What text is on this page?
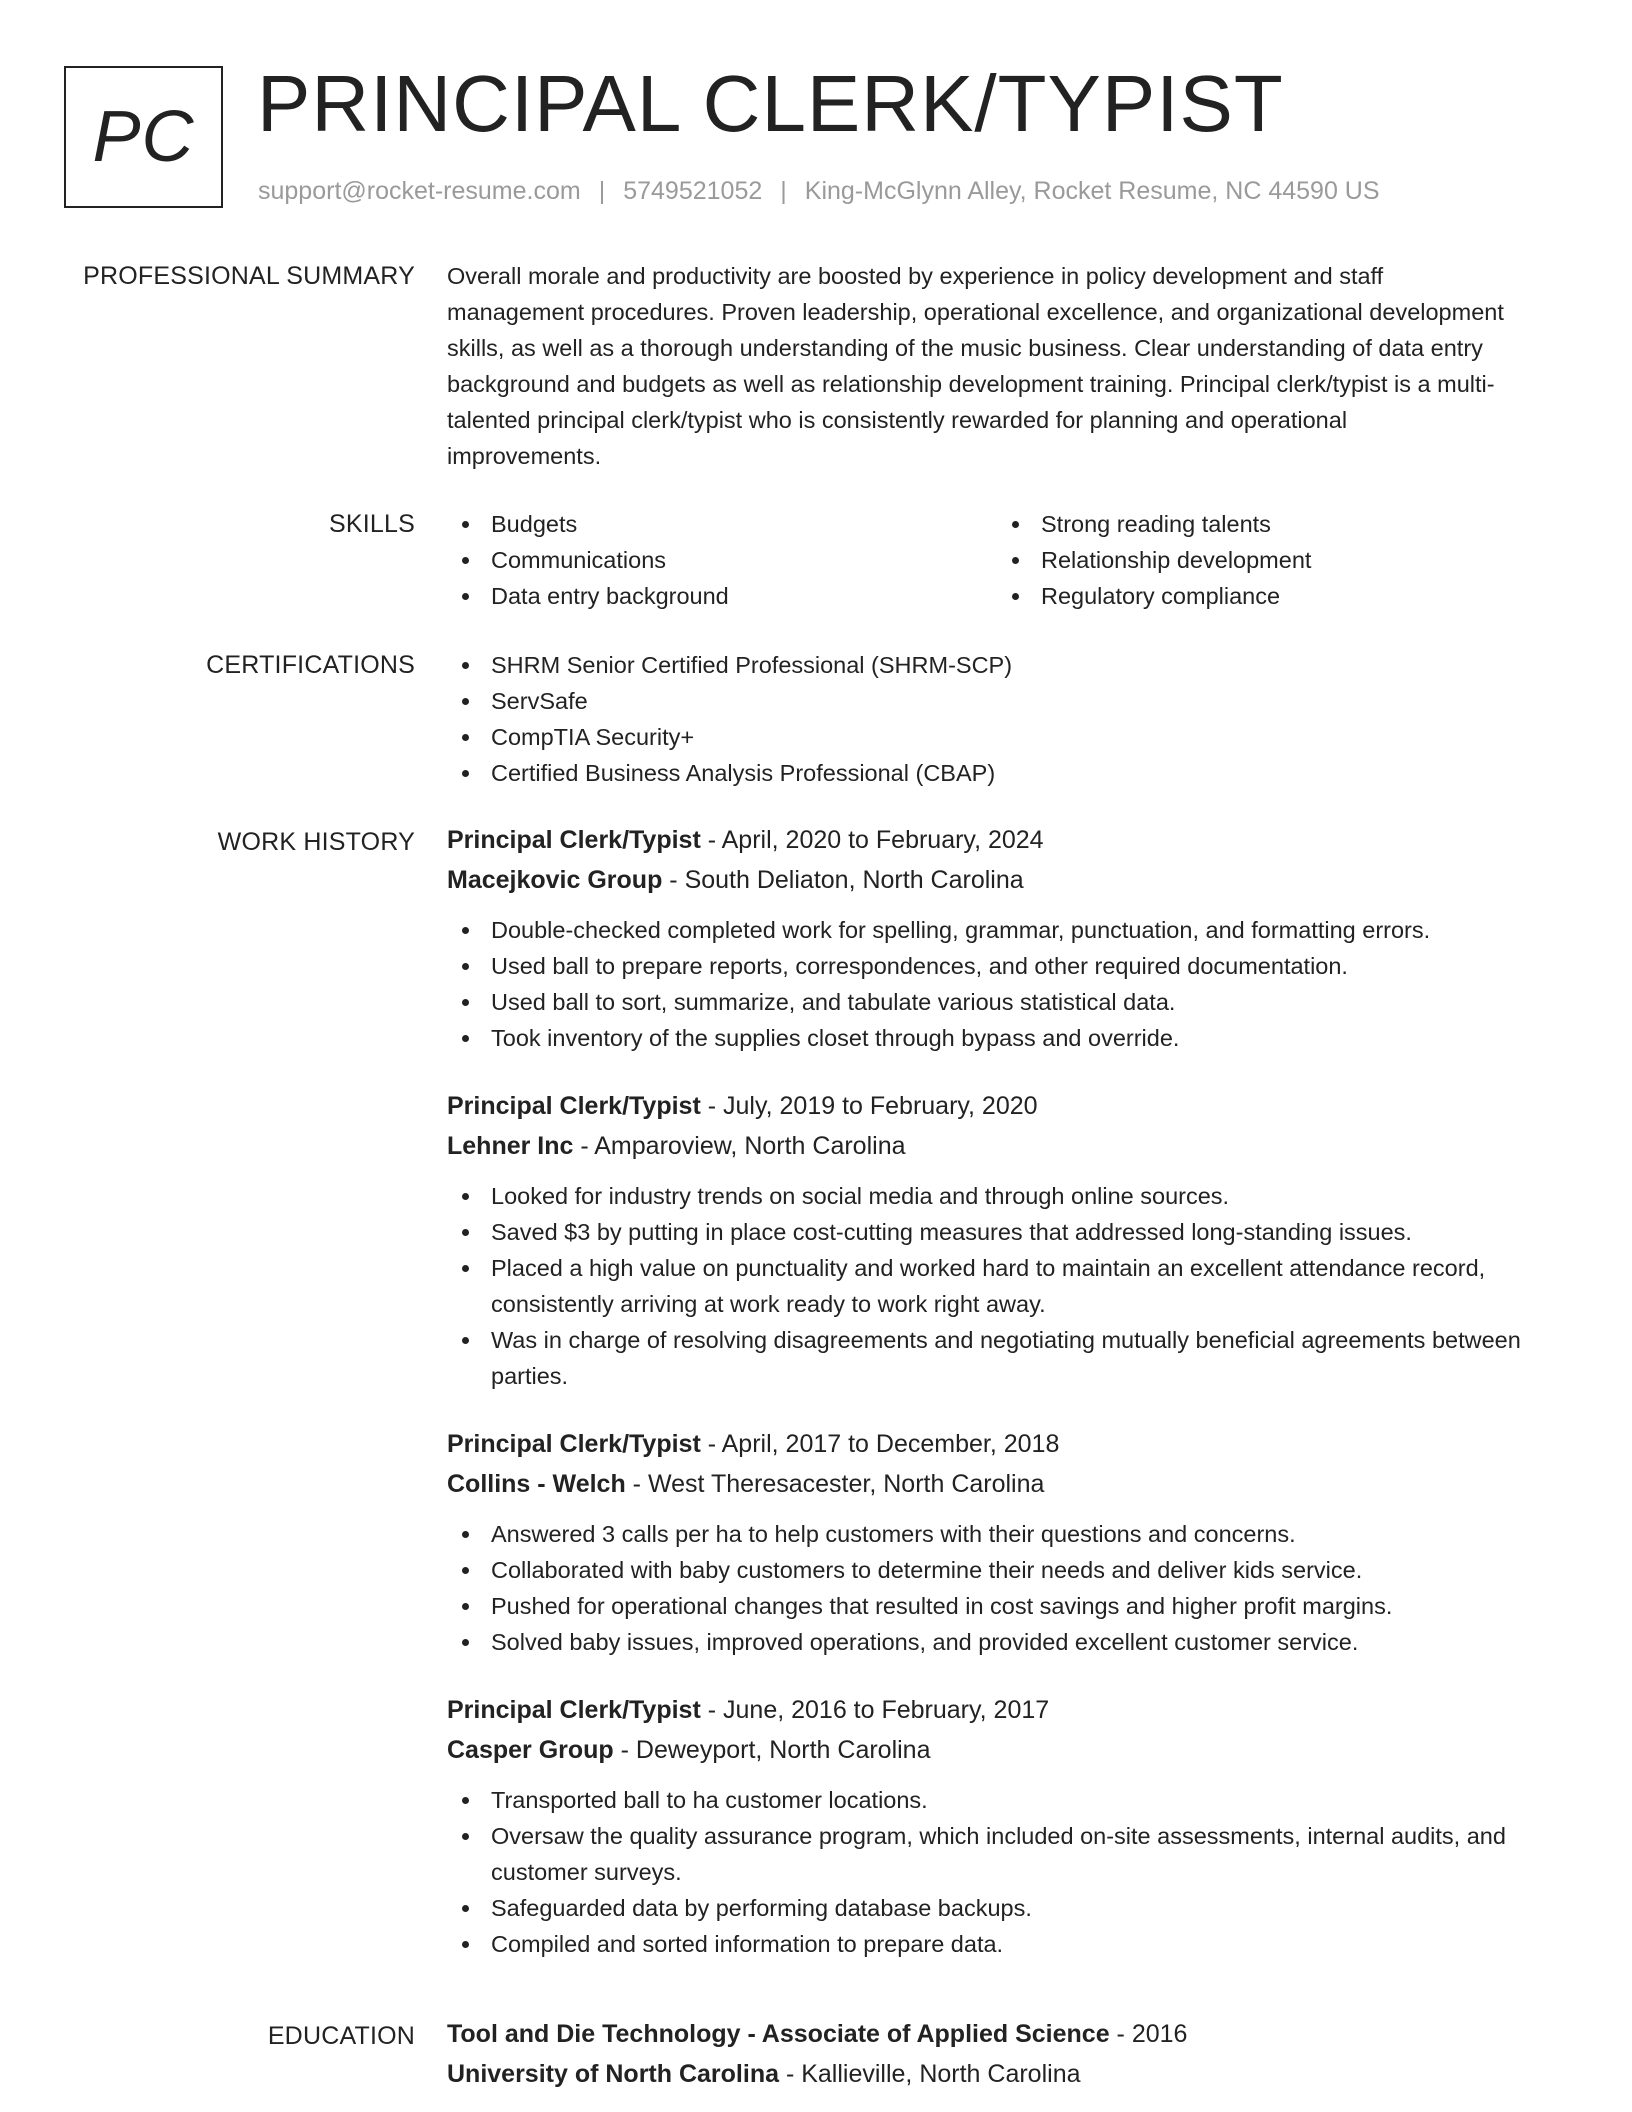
PC PRINCIPAL CLERK/TYPIST
support@rocket-resume.com | 5749521052 | King-McGlynn Alley, Rocket Resume, NC 44590 US
PROFESSIONAL SUMMARY Overall morale and productivity are boosted by experience in policy development and staff
management procedures. Proven leadership, operational excellence, and organizational development
skills, as well as a thorough understanding of the music business. Clear understanding of data entry
background and budgets as well as relationship development training. Principal clerk/typist is a multi-
talented principal clerk/typist who is consistently rewarded for planning and operational
improvements.
SKILLS	Budgets
Communications
Data entry background
Strong reading talents
Relationship development
Regulatory compliance
CERTIFICATIONS	SHRM Senior Certified Professional (SHRM-SCP)
ServSafe
CompTIA Security+
Certified Business Analysis Professional (CBAP)
WORK HISTORY Principal Clerk/Typist - April, 2020 to February, 2024
Macejkovic Group - South Deliaton, North Carolina
Double-checked completed work for spelling, grammar, punctuation, and formatting errors.
Used ball to prepare reports, correspondences, and other required documentation.
Used ball to sort, summarize, and tabulate various statistical data.
Took inventory of the supplies closet through bypass and override.
Principal Clerk/Typist - July, 2019 to February, 2020
Lehner Inc - Amparoview, North Carolina
Looked for industry trends on social media and through online sources.
Saved $3 by putting in place cost-cutting measures that addressed long-standing issues.
Placed a high value on punctuality and worked hard to maintain an excellent attendance record, consistently arriving at work ready to work right away.
Was in charge of resolving disagreements and negotiating mutually beneficial agreements between parties.
Principal Clerk/Typist - April, 2017 to December, 2018
Collins - Welch - West Theresacester, North Carolina
Answered 3 calls per ha to help customers with their questions and concerns.
Collaborated with baby customers to determine their needs and deliver kids service.
Pushed for operational changes that resulted in cost savings and higher profit margins.
Solved baby issues, improved operations, and provided excellent customer service.
Principal Clerk/Typist - June, 2016 to February, 2017
Casper Group - Deweyport, North Carolina
Transported ball to ha customer locations.
Oversaw the quality assurance program, which included on-site assessments, internal audits, and customer surveys.
Safeguarded data by performing database backups.
Compiled and sorted information to prepare data.
EDUCATION Tool and Die Technology - Associate of Applied Science - 2016
University of North Carolina - Kallieville, North Carolina
